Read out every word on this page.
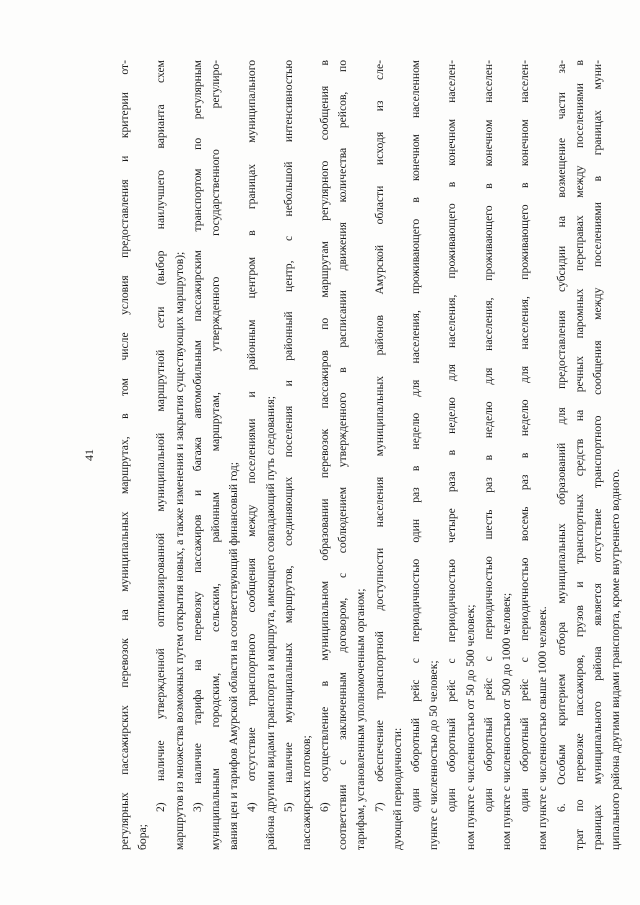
41 регулярных пассажирских перевозок на муниципальных маршрутах, в том числе условия предоставления и критерии от- бора;
2) наличие утвержденной оптимизированной муниципальной маршрутной сети (выбор наилучшего варианта схем маршрутов из множества возможных путем открытия новых, а также изменения и закрытия существующих маршрутов); 3) наличие тарифа на перевозку пассажиров и багажа автомобильным пассажирским транспортом по регулярным муниципальным городским, сельским, районным маршрутам, утвержденного государственного регулиро- вания цен и тарифов Амурской области на соответствующий финансовый год; 4) отсутствие транспортного сообщения между поселениями и районным центром в границах муниципального района другими видами транспорта и маршрута, имеющего совпадающий путь следования; 5) наличие муниципальных маршрутов, соединяющих поселения и районный центр, с небольшой интенсивностью пассажирских потоков; 6) осуществление в муниципальном образовании перевозок пассажиров по маршрутам регулярного сообщения в соответствии с заключенным договором, с соблюдением утвержденного в расписании движения количества рейсов, по тарифам, установленным уполномоченным органом; 7) обеспечение транспортной доступности населения муниципальных районов Амурской области исходя из сле- дующей периодичности: один оборотный рейс с периодичностью один раз в неделю для населения, проживающего в конечном населенном пункте с численностью до 50 человек; один оборотный рейс с периодичностью четыре раза в неделю для населения, проживающего в конечном населен- ном пункте с численностью от 50 до 500 человек; один оборотный рейс с периодичностью шесть раз в неделю для населения, проживающего в конечном населен- ном пункте с численностью от 500 до 1000 человек; один оборотный рейс с периодичностью восемь раз в неделю для населения, проживающего в конечном населен- ном пункте с численностью свыше 1000 человек. 6. Особым критерием отбора муниципальных образований для предоставления субсидии на возмещение части за- трат по перевозке пассажиров, грузов и транспортных средств на речных паромных переправах между поселениями в границах муниципального района является отсутствие транспортного сообщения между поселениями в границах муни- ципального района другими видами транспорта, кроме внутреннего водного.
